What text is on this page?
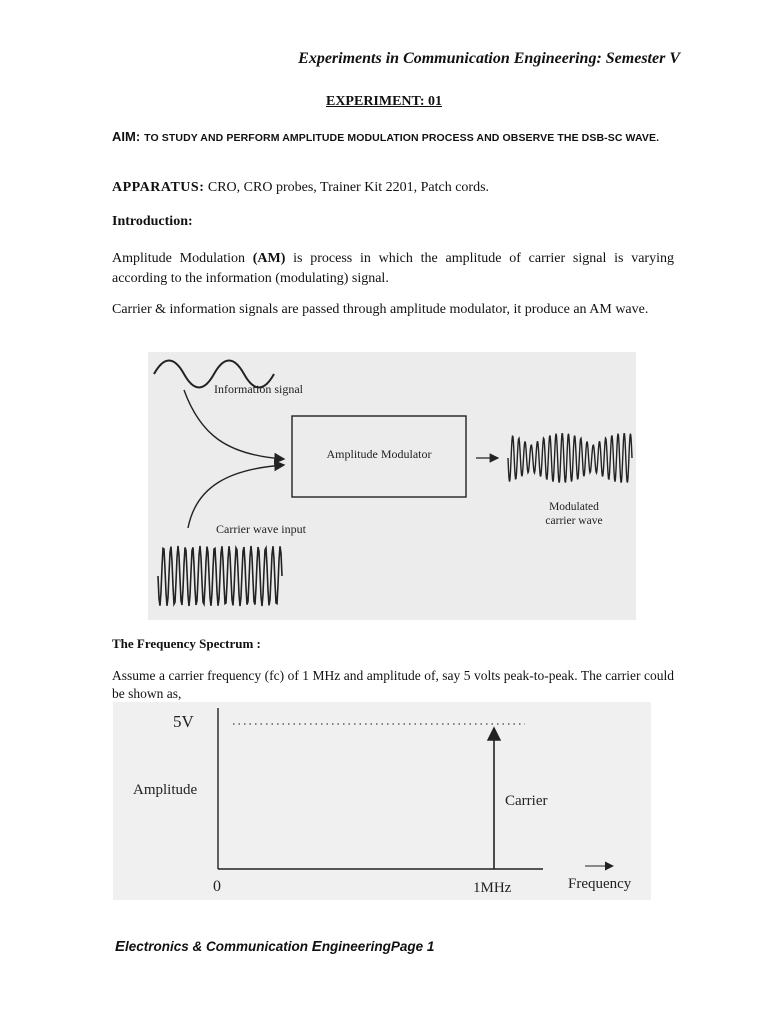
Experiments in Communication Engineering: Semester V
EXPERIMENT: 01
AIM: TO STUDY AND PERFORM AMPLITUDE MODULATION PROCESS AND OBSERVE THE DSB-SC WAVE.
APPARATUS: CRO, CRO probes, Trainer Kit 2201, Patch cords.
Introduction:
Amplitude Modulation (AM) is process in which the amplitude of carrier signal is varying according to the information (modulating) signal.
Carrier & information signals are passed through amplitude modulator, it produce an AM wave.
Information signal
Amplitude Modulator
Modulated
carrier wave
Carrier wave input
The Frequency Spectrum :
Assume a carrier frequency (fc) of 1 MHz and amplitude of, say 5 volts peak-to-peak. The carrier could be shown as,
5V
Amplitude
Carrier
0	1MHz	Frequency
Electronics & Communication EngineeringPage 1
